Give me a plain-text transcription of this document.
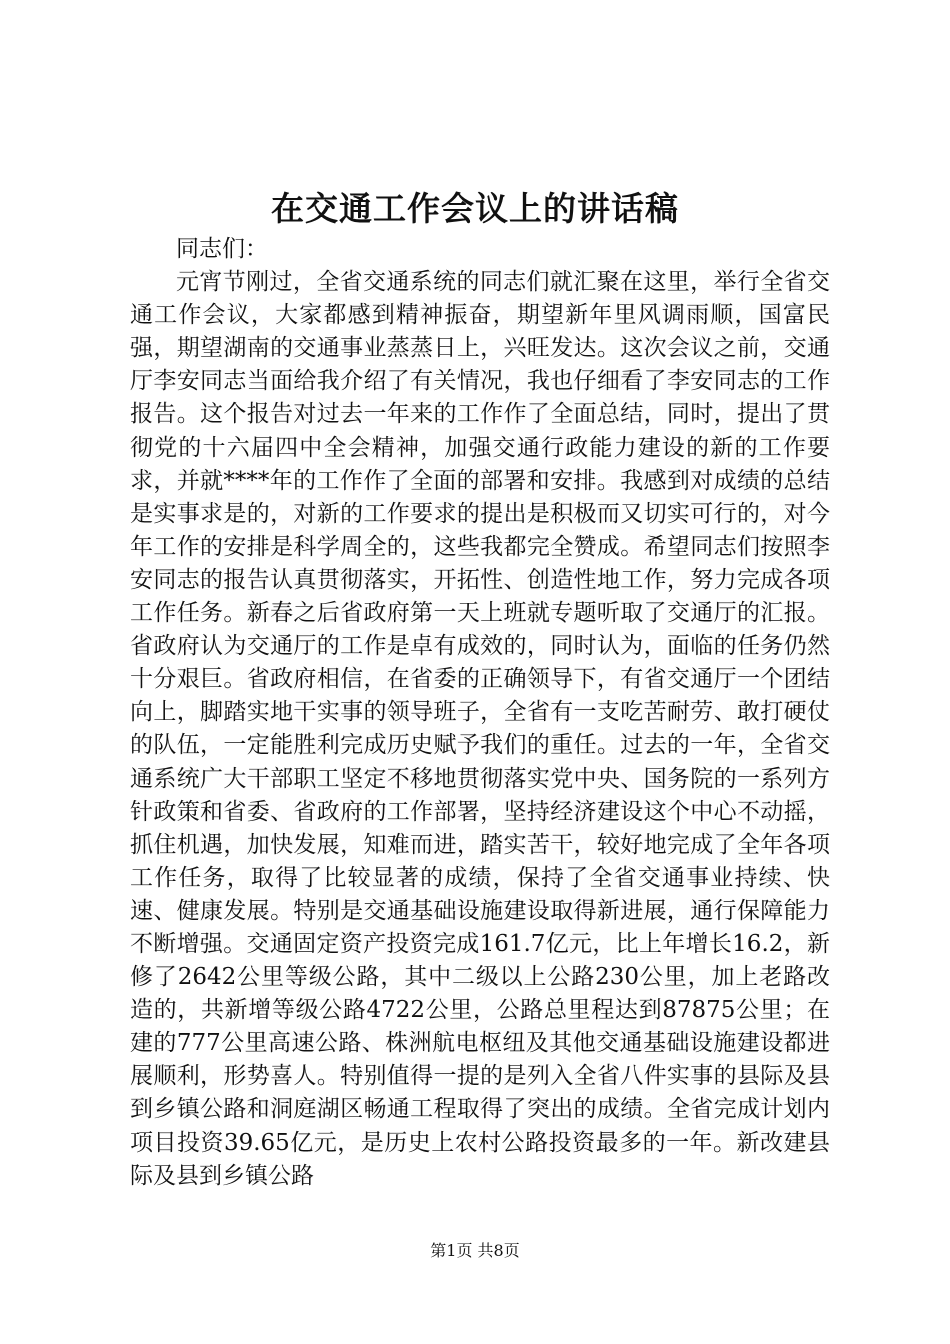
在交通工作会议上的讲话稿

同志们：

元宵节刚过，全省交通系统的同志们就汇聚在这里，举行全省交通工作会议，大家都感到精神振奋，期望新年里风调雨顺，国富民强，期望湖南的交通事业蒸蒸日上，兴旺发达。这次会议之前，交通厅李安同志当面给我介绍了有关情况，我也仔细看了李安同志的工作报告。这个报告对过去一年来的工作作了全面总结，同时，提出了贯彻党的十六届四中全会精神，加强交通行政能力建设的新的工作要求，并就****年的工作作了全面的部署和安排。我感到对成绩的总结是实事求是的，对新的工作要求的提出是积极而又切实可行的，对今年工作的安排是科学周全的，这些我都完全赞成。希望同志们按照李安同志的报告认真贯彻落实，开拓性、创造性地工作，努力完成各项工作任务。新春之后省政府第一天上班就专题听取了交通厅的汇报。省政府认为交通厅的工作是卓有成效的，同时认为，面临的任务仍然十分艰巨。省政府相信，在省委的正确领导下，有省交通厅一个团结向上，脚踏实地干实事的领导班子，全省有一支吃苦耐劳、敢打硬仗的队伍，一定能胜利完成历史赋予我们的重任。过去的一年，全省交通系统广大干部职工坚定不移地贯彻落实党中央、国务院的一系列方针政策和省委、省政府的工作部署，坚持经济建设这个中心不动摇，抓住机遇，加快发展，知难而进，踏实苦干，较好地完成了全年各项工作任务，取得了比较显著的成绩，保持了全省交通事业持续、快速、健康发展。特别是交通基础设施建设取得新进展，通行保障能力不断增强。交通固定资产投资完成161.7亿元，比上年增长16.2，新修了2642公里等级公路，其中二级以上公路230公里，加上老路改造的，共新增等级公路4722公里，公路总里程达到87875公里；在建的777公里高速公路、株洲航电枢纽及其他交通基础设施建设都进展顺利，形势喜人。特别值得一提的是列入全省八件实事的县际及县到乡镇公路和洞庭湖区畅通工程取得了突出的成绩。全省完成计划内项目投资39.65亿元，是历史上农村公路投资最多的一年。新改建县际及县到乡镇公路

第1页 共8页
